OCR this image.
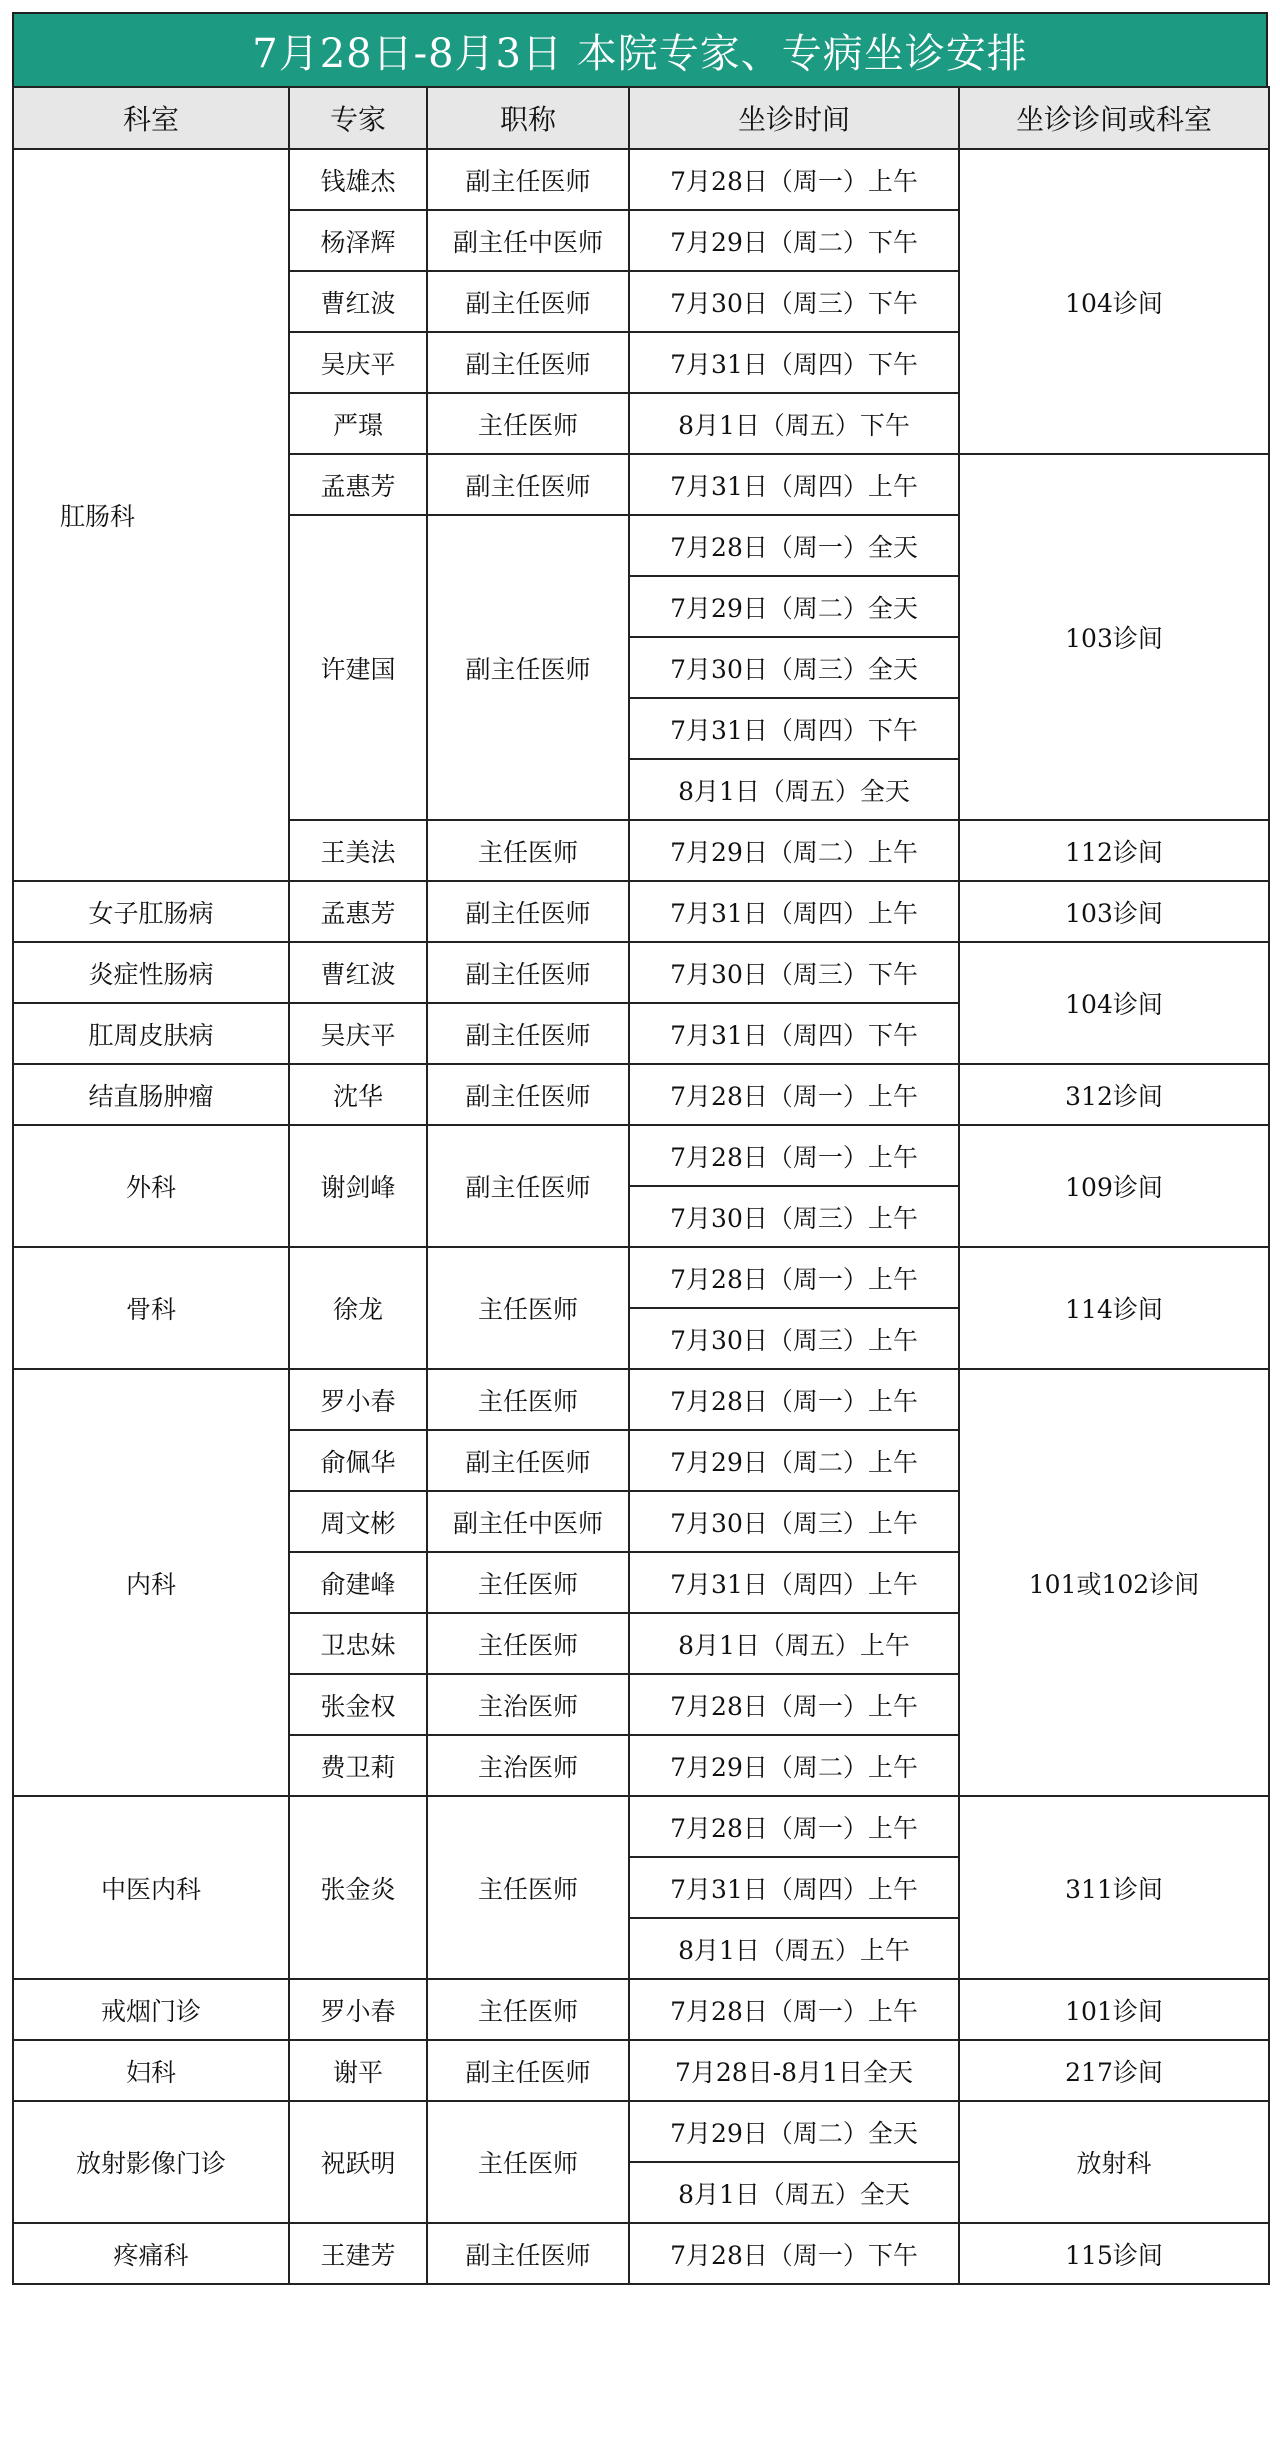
7月28日-8月3日 本院专家、专病坐诊安排
科室	专家	职称	坐诊时间	坐诊诊间或科室
肛肠科	钱雄杰	副主任医师	7月28日（周一）上午	104诊间
	杨泽辉	副主任中医师	7月29日（周二）下午	
	曹红波	副主任医师	7月30日（周三）下午	
	吴庆平	副主任医师	7月31日（周四）下午	
	严璟	主任医师	8月1日（周五）下午	
	孟惠芳	副主任医师	7月31日（周四）上午	103诊间
	许建国	副主任医师	7月28日（周一）全天	
			7月29日（周二）全天	
			7月30日（周三）全天	
			7月31日（周四）下午	
			8月1日（周五）全天	
	王美法	主任医师	7月29日（周二）上午	112诊间
女子肛肠病	孟惠芳	副主任医师	7月31日（周四）上午	103诊间
炎症性肠病	曹红波	副主任医师	7月30日（周三）下午	104诊间
肛周皮肤病	吴庆平	副主任医师	7月31日（周四）下午	
结直肠肿瘤	沈华	副主任医师	7月28日（周一）上午	312诊间
外科	谢剑峰	副主任医师	7月28日（周一）上午	109诊间
			7月30日（周三）上午	
骨科	徐龙	主任医师	7月28日（周一）上午	114诊间
			7月30日（周三）上午	
内科	罗小春	主任医师	7月28日（周一）上午	101或102诊间
	俞佩华	副主任医师	7月29日（周二）上午	
	周文彬	副主任中医师	7月30日（周三）上午	
	俞建峰	主任医师	7月31日（周四）上午	
	卫忠妹	主任医师	8月1日（周五）上午	
	张金权	主治医师	7月28日（周一）上午	
	费卫莉	主治医师	7月29日（周二）上午	
中医内科	张金炎	主任医师	7月28日（周一）上午	311诊间
			7月31日（周四）上午	
			8月1日（周五）上午	
戒烟门诊	罗小春	主任医师	7月28日（周一）上午	101诊间
妇科	谢平	副主任医师	7月28日-8月1日全天	217诊间
放射影像门诊	祝跃明	主任医师	7月29日（周二）全天	放射科
			8月1日（周五）全天	
疼痛科	王建芳	副主任医师	7月28日（周一）下午	115诊间
